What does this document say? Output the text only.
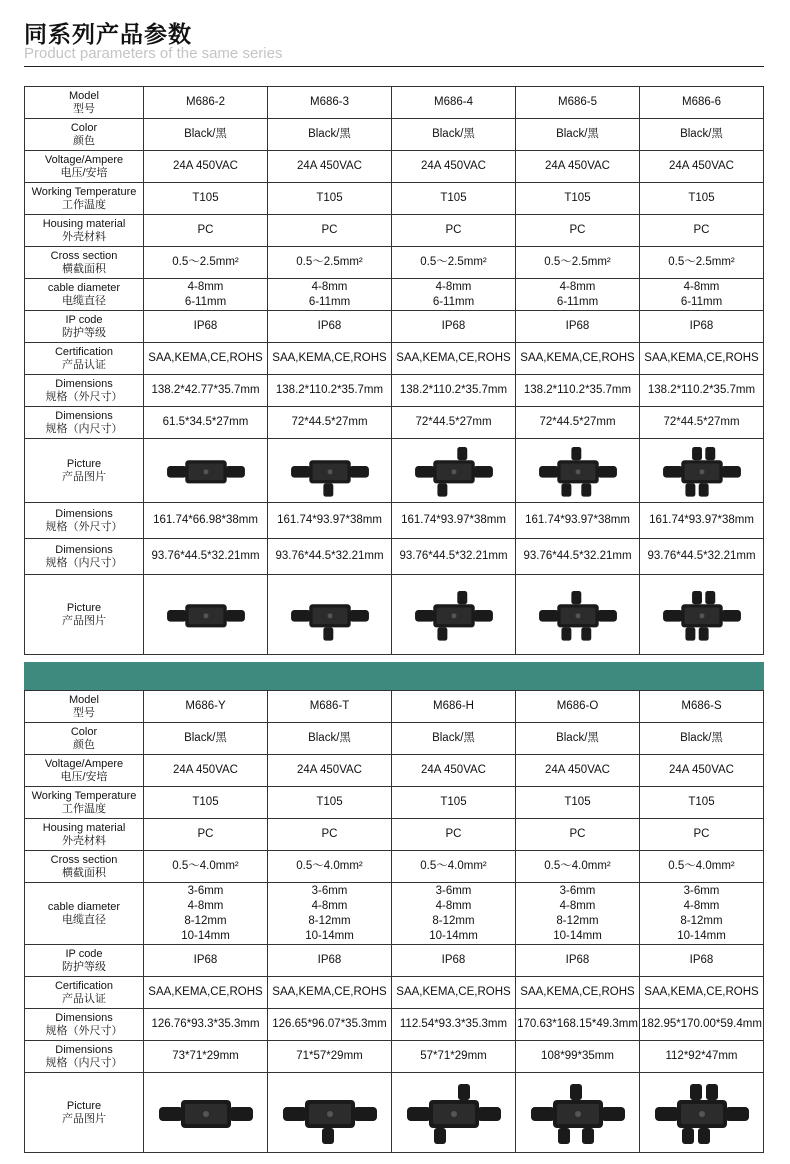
同系列产品参数
Product parameters of the same series
Model
型号	M686-2	M686-3	M686-4	M686-5	M686-6

Color
颜色	Black/黑	Black/黑	Black/黑	Black/黑	Black/黑

Voltage/Ampere
电压/安培	24A 450VAC	24A 450VAC	24A 450VAC	24A 450VAC	24A 450VAC

Working Temperature
工作温度	T105	T105	T105	T105	T105

Housing material
外壳材料	PC	PC	PC	PC	PC

Cross section
横截面积	0.5～2.5mm²	0.5～2.5mm²	0.5～2.5mm²	0.5～2.5mm²	0.5～2.5mm²

cable diameter
电缆直径	4-8mm
6-11mm	4-8mm
6-11mm	4-8mm
6-11mm	4-8mm
6-11mm	4-8mm
6-11mm

IP code
防护等级	IP68	IP68	IP68	IP68	IP68

Certification
产品认证	SAA,KEMA,CE,ROHS	SAA,KEMA,CE,ROHS	SAA,KEMA,CE,ROHS	SAA,KEMA,CE,ROHS	SAA,KEMA,CE,ROHS

Dimensions
规格（外尺寸）	138.2*42.77*35.7mm	138.2*110.2*35.7mm	138.2*110.2*35.7mm	138.2*110.2*35.7mm	138.2*110.2*35.7mm

Dimensions
规格（内尺寸）	61.5*34.5*27mm	72*44.5*27mm	72*44.5*27mm	72*44.5*27mm	72*44.5*27mm

Picture
产品图片

Dimensions
规格（外尺寸）	161.74*66.98*38mm	161.74*93.97*38mm	161.74*93.97*38mm	161.74*93.97*38mm	161.74*93.97*38mm

Dimensions
规格（内尺寸）	93.76*44.5*32.21mm	93.76*44.5*32.21mm	93.76*44.5*32.21mm	93.76*44.5*32.21mm	93.76*44.5*32.21mm

Picture
产品图片

Model
型号	M686-Y	M686-T	M686-H	M686-O	M686-S

Color
颜色	Black/黑	Black/黑	Black/黑	Black/黑	Black/黑

Voltage/Ampere
电压/安培	24A 450VAC	24A 450VAC	24A 450VAC	24A 450VAC	24A 450VAC

Working Temperature
工作温度	T105	T105	T105	T105	T105

Housing material
外壳材料	PC	PC	PC	PC	PC

Cross section
横截面积	0.5～4.0mm²	0.5～4.0mm²	0.5～4.0mm²	0.5～4.0mm²	0.5～4.0mm²

cable diameter
电缆直径	3-6mm
4-8mm
8-12mm
10-14mm	3-6mm
4-8mm
8-12mm
10-14mm	3-6mm
4-8mm
8-12mm
10-14mm	3-6mm
4-8mm
8-12mm
10-14mm	3-6mm
4-8mm
8-12mm
10-14mm

IP code
防护等级	IP68	IP68	IP68	IP68	IP68

Certification
产品认证	SAA,KEMA,CE,ROHS	SAA,KEMA,CE,ROHS	SAA,KEMA,CE,ROHS	SAA,KEMA,CE,ROHS	SAA,KEMA,CE,ROHS

Dimensions
规格（外尺寸）	126.76*93.3*35.3mm	126.65*96.07*35.3mm	112.54*93.3*35.3mm	170.63*168.15*49.3mm	182.95*170.00*59.4mm

Dimensions
规格（内尺寸）	73*71*29mm	71*57*29mm	57*71*29mm	108*99*35mm	112*92*47mm

Picture
产品图片
